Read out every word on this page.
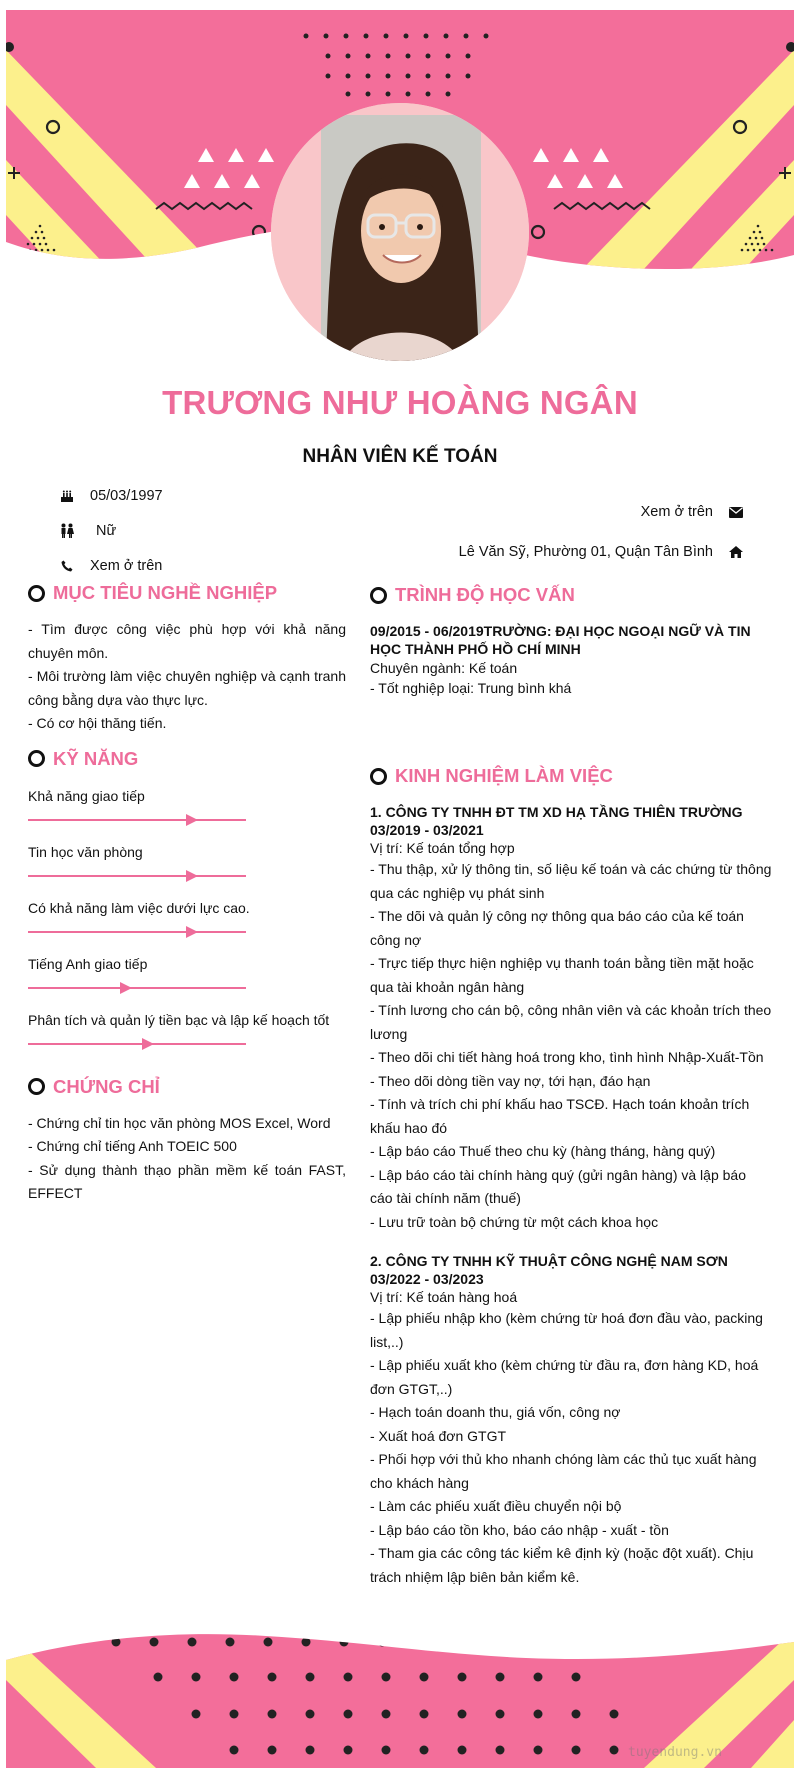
TRƯƠNG NHƯ HOÀNG NGÂN
NHÂN VIÊN KẾ TOÁN
05/03/1997
Nữ
Xem ở trên
Xem ở trên
Lê Văn Sỹ, Phường 01, Quận Tân Bình
MỤC TIÊU NGHỀ NGHIỆP
- Tìm được công việc phù hợp với khả năng chuyên môn.
- Môi trường làm việc chuyên nghiệp và cạnh tranh công bằng dựa vào thực lực.
- Có cơ hội thăng tiến.
KỸ NĂNG
Khả năng giao tiếp
Tin học văn phòng
Có khả năng làm việc dưới lực cao.
Tiếng Anh giao tiếp
Phân tích và quản lý tiền bạc và lập kế hoạch tốt
CHỨNG CHỈ
- Chứng chỉ tin học văn phòng MOS Excel, Word
- Chứng chỉ tiếng Anh TOEIC 500
- Sử dụng thành thạo phần mềm kế toán FAST, EFFECT
TRÌNH ĐỘ HỌC VẤN
09/2015 - 06/2019TRƯỜNG: ĐẠI HỌC NGOẠI NGỮ VÀ TIN HỌC THÀNH PHỐ HỒ CHÍ MINH
Chuyên ngành: Kế toán
- Tốt nghiệp loại: Trung bình khá
KINH NGHIỆM LÀM VIỆC
1. CÔNG TY TNHH ĐT TM XD HẠ TẦNG THIÊN TRƯỜNG
03/2019 - 03/2021
Vị trí: Kế toán tổng hợp
- Thu thập, xử lý thông tin, số liệu kế toán và các chứng từ thông qua các nghiệp vụ phát sinh
- The dõi và quản lý công nợ thông qua báo cáo của kế toán công nợ
- Trực tiếp thực hiện nghiệp vụ thanh toán bằng tiền mặt hoặc qua tài khoản ngân hàng
- Tính lương cho cán bộ, công nhân viên và các khoản trích theo lương
- Theo dõi chi tiết hàng hoá trong kho, tình hình Nhập-Xuất-Tồn
- Theo dõi dòng tiền vay nợ, tới hạn, đáo hạn
- Tính và trích chi phí khấu hao TSCĐ. Hạch toán khoản trích khấu hao đó
- Lập báo cáo Thuế theo chu kỳ (hàng tháng, hàng quý)
- Lập báo cáo tài chính hàng quý (gửi ngân hàng) và lập báo cáo tài chính năm (thuế)
- Lưu trữ toàn bộ chứng từ một cách khoa học
2. CÔNG TY TNHH KỸ THUẬT CÔNG NGHỆ NAM SƠN
03/2022 - 03/2023
Vị trí: Kế toán hàng hoá
- Lập phiếu nhập kho (kèm chứng từ hoá đơn đầu vào, packing list,..)
- Lập phiếu xuất kho (kèm chứng từ đầu ra, đơn hàng KD, hoá đơn GTGT,..)
- Hạch toán doanh thu, giá vốn, công nợ
- Xuất hoá đơn GTGT
- Phối hợp với thủ kho nhanh chóng làm các thủ tục xuất hàng cho khách hàng
- Làm các phiếu xuất điều chuyển nội bộ
- Lập báo cáo tồn kho, báo cáo nhập - xuất - tồn
- Tham gia các công tác kiểm kê định kỳ (hoặc đột xuất). Chịu trách nhiệm lập biên bản kiểm kê.
tuyendung.vn
